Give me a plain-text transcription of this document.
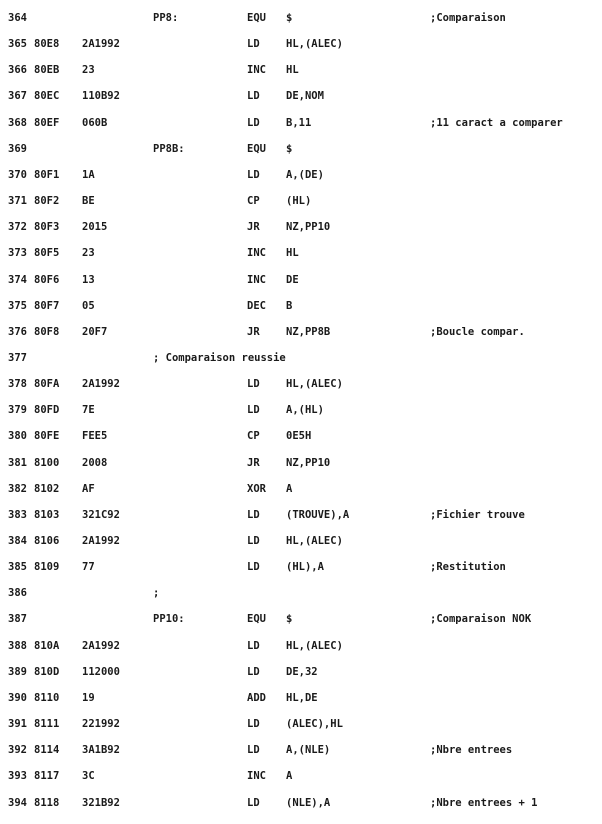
364	PP8:	EQU $	;Comparaison
365 80E8 2A1992	LD	HL,(ALEC)
366 80EB 23	INC HL
367 80EC 110B92	LD	DE,NOM
368 80EF 060B	LD	B,11	;11 caract a comparer
369	PP8B:	EQU $
370 80F1 1A	LD	A,(DE)
371 80F2 BE	CP	(HL)
372 80F3 2015	JR	NZ,PP10
373 80F5 23	INC HL
374 80F6 13	INC DE
375 80F7 05	DEC B
376 80F8 20F7	JR	NZ,PP8B	;Boucle compar.
377	; Comparaison reussie
378 80FA 2A1992	LD	HL,(ALEC)
379 80FD 7E	LD	A,(HL)
380 80FE FEE5	CP	0E5H
381 8100 2008	JR	NZ,PP10
382 8102 AF	XOR A
383 8103 321C92	LD	(TROUVE),A	;Fichier trouve
384 8106 2A1992	LD	HL,(ALEC)
385 8109 77	LD	(HL),A	;Restitution
386	;
387	PP10:	EQU $	;Comparaison NOK
388 810A 2A1992	LD	HL,(ALEC)
389 810D 112000	LD	DE,32
390 8110 19	ADD HL,DE
391 8111 221992	LD	(ALEC),HL
392 8114 3A1B92	LD	A,(NLE)	;Nbre entrees
393 8117 3C	INC A
394 8118 321B92	LD	(NLE),A	;Nbre entrees + 1
